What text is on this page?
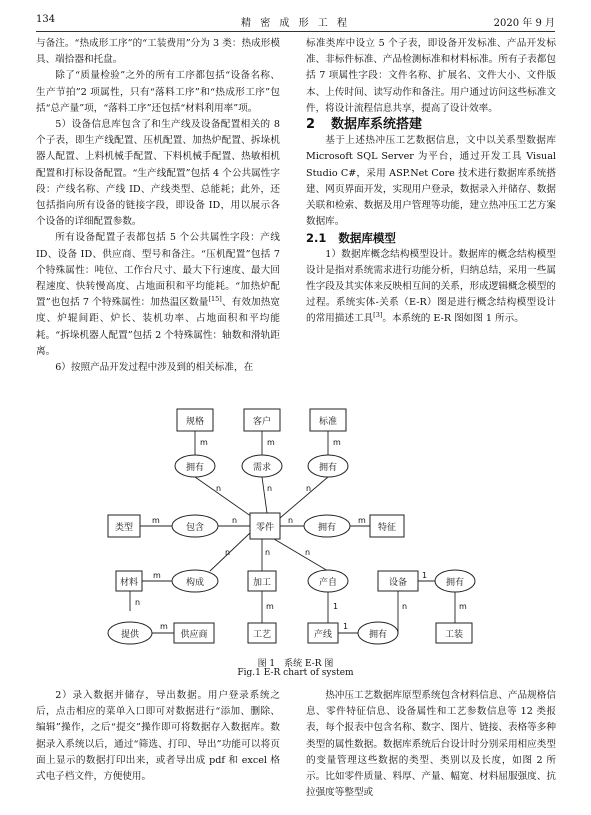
134	精 密 成 形 工 程	2020 年 9 月

与备注。“热成形工序”的“工装费用”分为 3 类：热成形模具、端拾器和托盘。

除了“质量检验”之外的所有工序都包括“设备名称、生产节拍”2 项属性，只有“落料工序”和“热成形工序”包括“总产量”项，“落料工序”还包括“材料利用率”项。

5）设备信息库包含了和生产线及设备配置相关的 8 个子表，即生产线配置、压机配置、加热炉配置、拆垛机器人配置、上料机械手配置、下料机械手配置、热敏相机配置和打标设备配置。“生产线配置”包括 4 个公共属性字段：产线名称、产线 ID、产线类型、总能耗；此外，还包括指向所有设备的链接字段，即设备 ID，用以展示各个设备的详细配置参数。

所有设备配置子表都包括 5 个公共属性字段：产线 ID、设备 ID、供应商、型号和备注。“压机配置”包括 7 个特殊属性：吨位、工作台尺寸、最大下行速度、最大回程速度、快转慢高度、占地面积和平均能耗。“加热炉配置”也包括 7 个特殊属性：加热温区数量[15]、有效加热宽度、炉辊间距、炉长、装机功率、占地面积和平均能耗。“拆垛机器人配置”包括 2 个特殊属性：轴数和滑轨距离。

6）按照产品开发过程中涉及到的相关标准，在

标准类库中设立 5 个子表，即设备开发标准、产品开发标准、非标件标准、产品检测标准和材料标准。所有子表都包括 7 项属性字段：文件名称、扩展名、文件大小、文件版本、上传时间、读写动作和备注。用户通过访问这些标准文件，将设计流程信息共享，提高了设计效率。

2 数据库系统搭建

基于上述热冲压工艺数据信息，文中以关系型数据库 Microsoft SQL Server 为平台，通过开发工具 Visual Studio C#，采用 ASP.Net Core 技术进行数据库系统搭建、网页界面开发，实现用户登录，数据录入并储存、数据关联和检索、数据及用户管理等功能，建立热冲压工艺方案数据库。

2.1 数据库模型

1）数据库概念结构模型设计。数据库的概念结构模型设计是指对系统需求进行功能分析，归纳总结，采用一些属性字段及其实体来反映相互间的关系，形成逻辑概念模型的过程。系统实体-关系（E-R）图是进行概念结构模型设计的常用描述工具[3]。本系统的 E-R 图如图 1 所示。

规格	客户	标准
类型	零件	特征
材料	加工	设备
供应商	工艺	产线	工装
拥有	需求	拥有
包含	拥有
构成	产自	拥有
提供	拥有
m	m	m
n	n	n
m	n	n	m
n	n	n
m
n
m
m	1
1
n
1
m
图 1　系统 E-R 图
Fig.1 E-R chart of system

2）录入数据并储存，导出数据。用户登录系统之后，点击相应的菜单入口即可对数据进行“添加、删除、编辑”操作，之后“提交”操作即可将数据存入数据库。数据录入系统以后，通过“筛选、打印、导出”功能可以将页面上显示的数据打印出来，或者导出成 pdf 和 excel 格式电子档文件，方便使用。

热冲压工艺数据库原型系统包含材料信息、产品规格信息、零件特征信息、设备属性和工艺参数信息等 12 类报表，每个报表中包含名称、数字、图片、链接、表格等多种类型的属性数据。数据库系统后台设计时分别采用相应类型的变量管理这些数据的类型、类别以及长度，如图 2 所示。比如零件质量、料厚、产量、幅宽、材料屈服强度、抗拉强度等整型或
